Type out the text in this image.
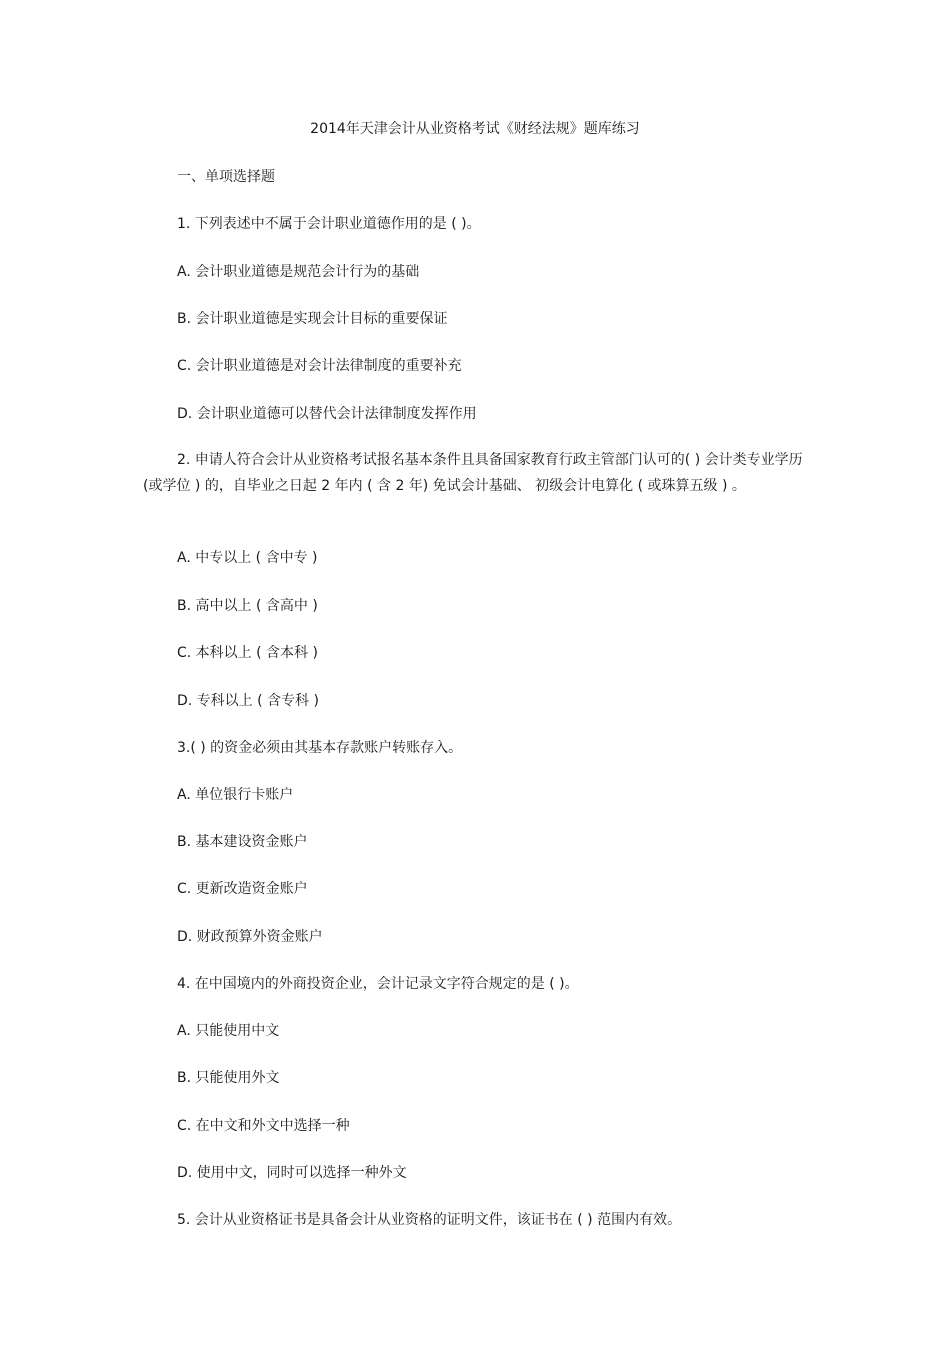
2014年天津会计从业资格考试《财经法规》题库练习
一、单项选择题
1. 下列表述中不属于会计职业道德作用的是 ( )。
A. 会计职业道德是规范会计行为的基础
B. 会计职业道德是实现会计目标的重要保证
C. 会计职业道德是对会计法律制度的重要补充
D. 会计职业道德可以替代会计法律制度发挥作用
2. 申请人符合会计从业资格考试报名基本条件且具备国家教育行政主管部门认可的( ) 会计类专业学历 (或学位 ) 的，自毕业之日起 2 年内 ( 含 2 年) 免试会计基础、 初级会计电算化 ( 或珠算五级 ) 。
A. 中专以上 ( 含中专 )
B. 高中以上 ( 含高中 )
C. 本科以上 ( 含本科 )
D. 专科以上 ( 含专科 )
3.( ) 的资金必须由其基本存款账户转账存入。
A. 单位银行卡账户
B. 基本建设资金账户
C. 更新改造资金账户
D. 财政预算外资金账户
4. 在中国境内的外商投资企业，会计记录文字符合规定的是 ( )。
A. 只能使用中文
B. 只能使用外文
C. 在中文和外文中选择一种
D. 使用中文，同时可以选择一种外文
5. 会计从业资格证书是具备会计从业资格的证明文件，该证书在 ( ) 范围内有效。
